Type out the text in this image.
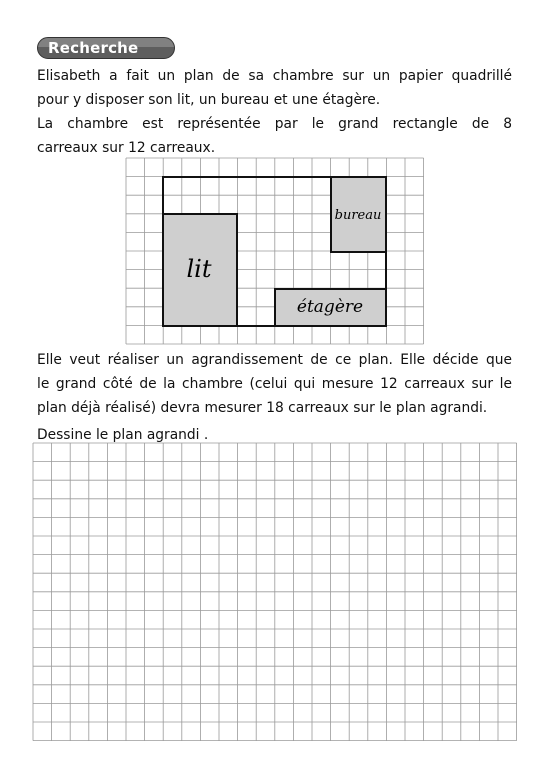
Recherche
Elisabeth a fait un plan de sa chambre sur un papier quadrillé
pour y disposer son lit, un bureau et une étagère.
La chambre est représentée par le grand rectangle de 8
carreaux sur 12 carreaux.
lit
bureau
étagère
Elle veut réaliser un agrandissement de ce plan. Elle décide que
le grand côté de la chambre (celui qui mesure 12 carreaux sur le
plan déjà réalisé) devra mesurer 18 carreaux sur le plan agrandi.
Dessine le plan agrandi .
